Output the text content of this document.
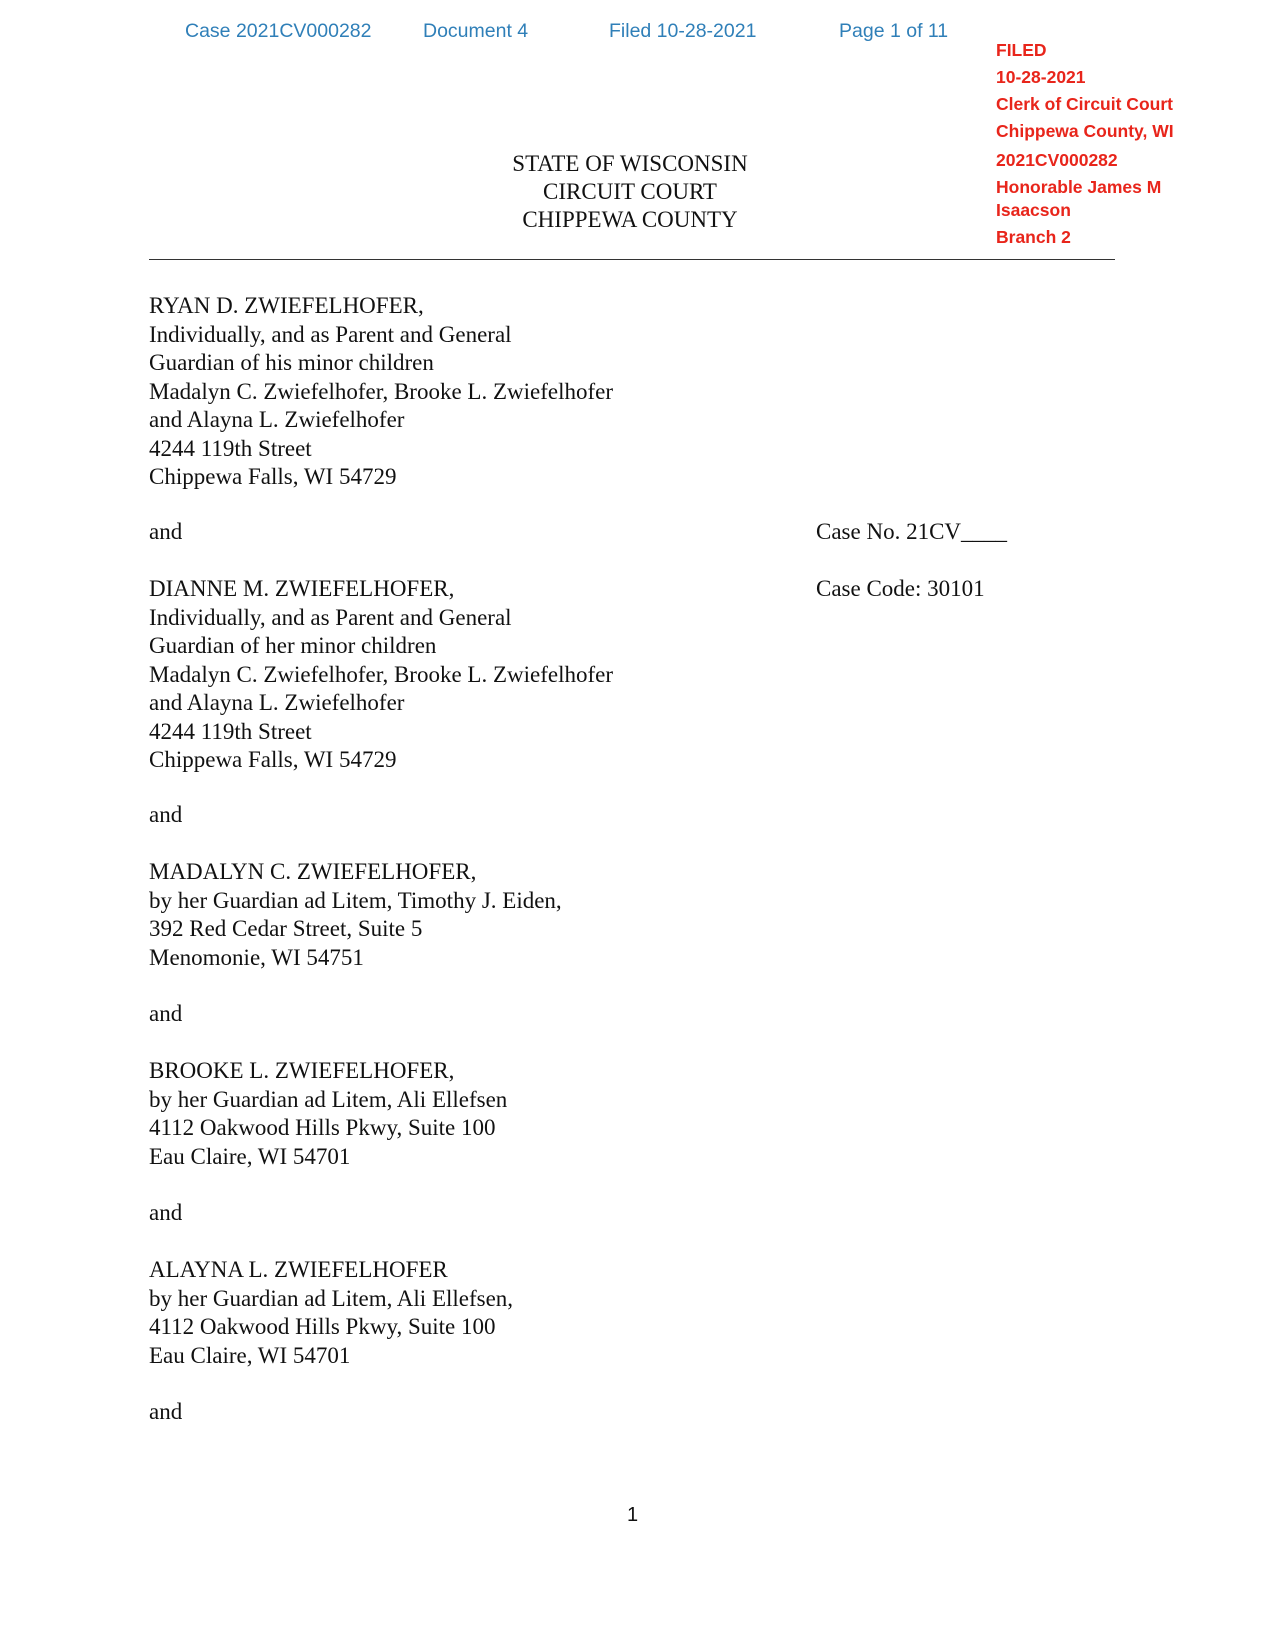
Case 2021CV000282	Document 4	Filed 10-28-2021	Page 1 of 11
FILED
10-28-2021
Clerk of Circuit Court
Chippewa County, WI
2021CV000282
Honorable James M
Isaacson
Branch 2
STATE OF WISCONSIN
CIRCUIT COURT
CHIPPEWA COUNTY
RYAN D. ZWIEFELHOFER,
Individually, and as Parent and General
Guardian of his minor children
Madalyn C. Zwiefelhofer, Brooke L. Zwiefelhofer
and Alayna L. Zwiefelhofer
4244 119th Street
Chippewa Falls, WI 54729
and	Case No. 21CV____
Case Code: 30101
DIANNE M. ZWIEFELHOFER,
Individually, and as Parent and General
Guardian of her minor children
Madalyn C. Zwiefelhofer, Brooke L. Zwiefelhofer
and Alayna L. Zwiefelhofer
4244 119th Street
Chippewa Falls, WI 54729
and
MADALYN C. ZWIEFELHOFER,
by her Guardian ad Litem, Timothy J. Eiden,
392 Red Cedar Street, Suite 5
Menomonie, WI 54751
and
BROOKE L. ZWIEFELHOFER,
by her Guardian ad Litem, Ali Ellefsen
4112 Oakwood Hills Pkwy, Suite 100
Eau Claire, WI 54701
and
ALAYNA L. ZWIEFELHOFER
by her Guardian ad Litem, Ali Ellefsen,
4112 Oakwood Hills Pkwy, Suite 100
Eau Claire, WI 54701
and
1
